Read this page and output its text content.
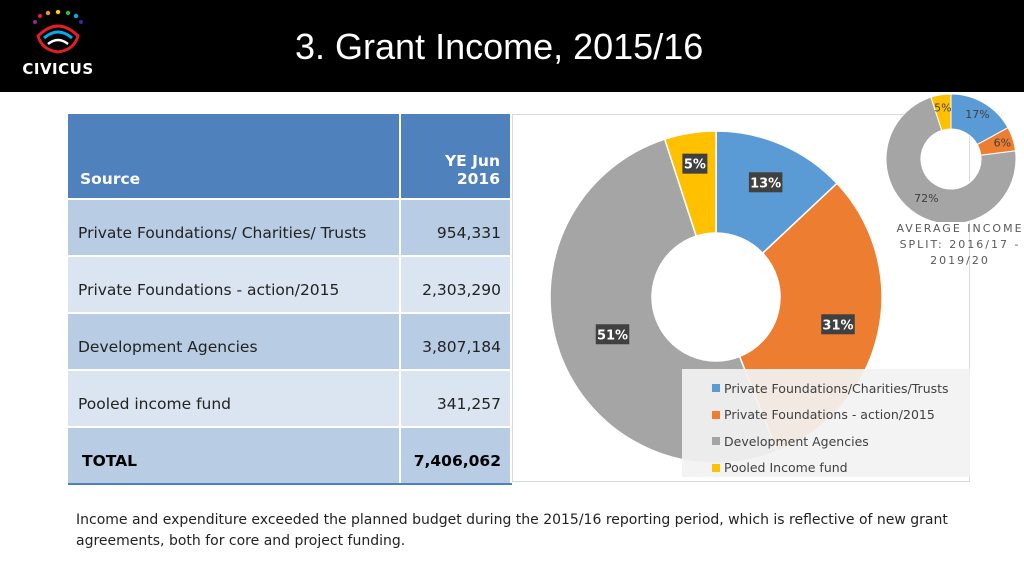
CIVICUS
3. Grant Income, 2015/16
Source	YE Jun
2016
Private Foundations/ Charities/ Trusts	954,331
Private Foundations - action/2015	2,303,290
Development Agencies	3,807,184
Pooled income fund	341,257
TOTAL	7,406,062
13%
31%
51%
5%
Private Foundations/Charities/Trusts
Private Foundations - action/2015
Development Agencies
Pooled Income fund
17%
6%
72%
5%
AVERAGE INCOME SPLIT: 2016/17 - 2019/20
Income and expenditure exceeded the planned budget during the 2015/16 reporting period, which is reflective of new grant agreements, both for core and project funding.
